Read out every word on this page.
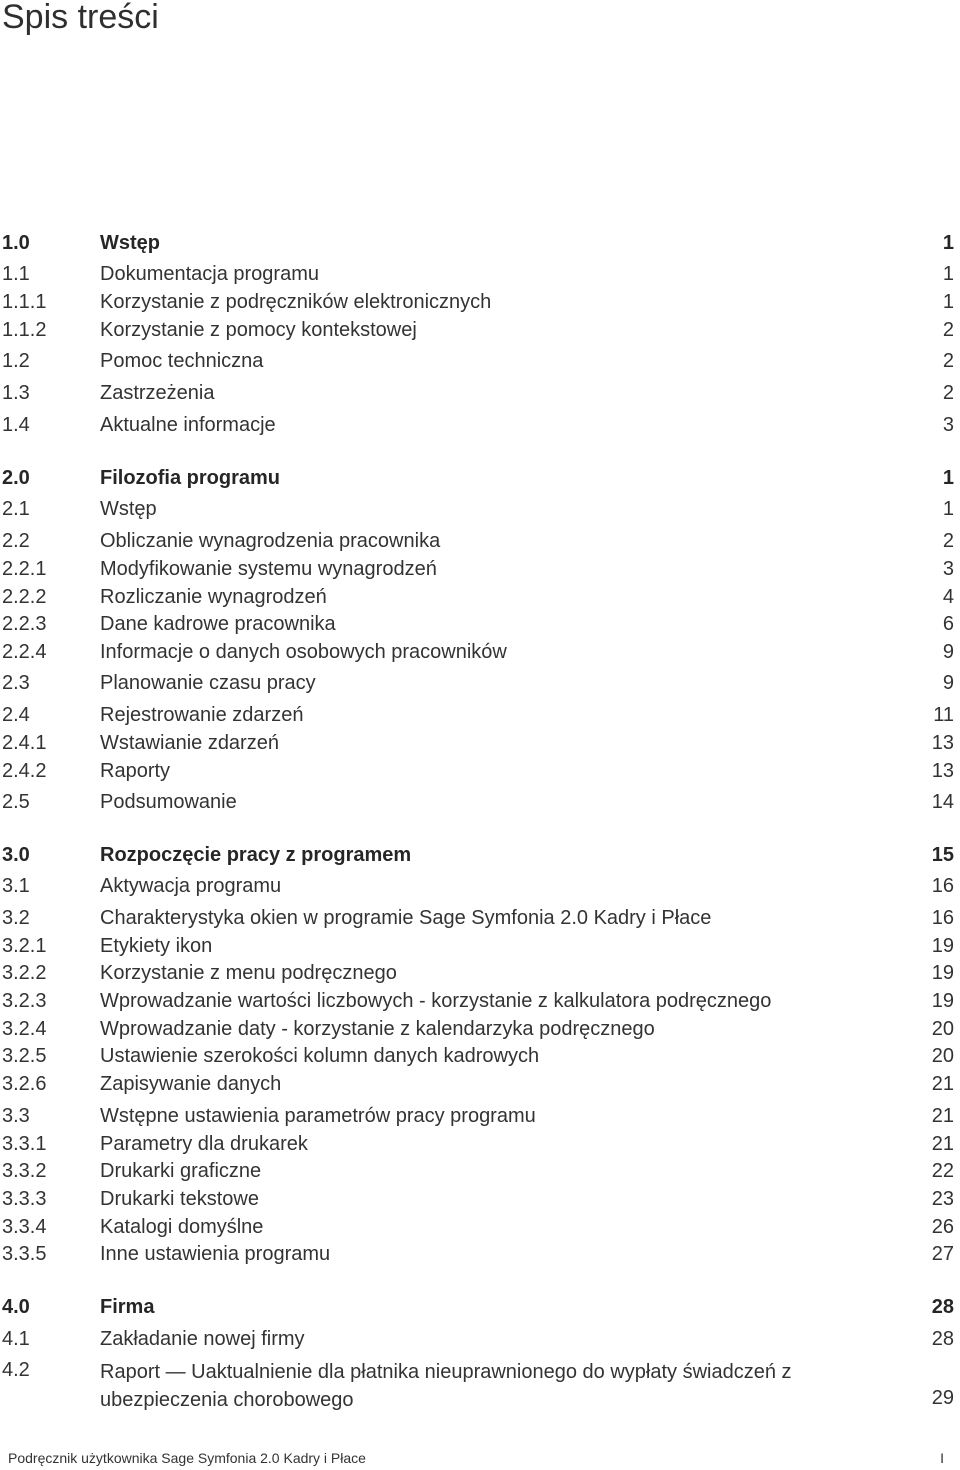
Spis treści
1.0	Wstęp	1
1.1	Dokumentacja programu	1
1.1.1	Korzystanie z podręczników elektronicznych	1
1.1.2	Korzystanie z pomocy kontekstowej	2
1.2	Pomoc techniczna	2
1.3	Zastrzeżenia	2
1.4	Aktualne informacje	3
2.0	Filozofia programu	1
2.1	Wstęp	1
2.2	Obliczanie wynagrodzenia pracownika	2
2.2.1	Modyfikowanie systemu wynagrodzeń	3
2.2.2	Rozliczanie wynagrodzeń	4
2.2.3	Dane kadrowe pracownika	6
2.2.4	Informacje o danych osobowych pracowników	9
2.3	Planowanie czasu pracy	9
2.4	Rejestrowanie zdarzeń	11
2.4.1	Wstawianie zdarzeń	13
2.4.2	Raporty	13
2.5	Podsumowanie	14
3.0	Rozpoczęcie pracy z programem	15
3.1	Aktywacja programu	16
3.2	Charakterystyka okien w programie Sage Symfonia 2.0 Kadry i Płace	16
3.2.1	Etykiety ikon	19
3.2.2	Korzystanie z menu podręcznego	19
3.2.3	Wprowadzanie wartości liczbowych - korzystanie z kalkulatora podręcznego	19
3.2.4	Wprowadzanie daty - korzystanie z kalendarzyka podręcznego	20
3.2.5	Ustawienie szerokości kolumn danych kadrowych	20
3.2.6	Zapisywanie danych	21
3.3	Wstępne ustawienia parametrów pracy programu	21
3.3.1	Parametry dla drukarek	21
3.3.2	Drukarki graficzne	22
3.3.3	Drukarki tekstowe	23
3.3.4	Katalogi domyślne	26
3.3.5	Inne ustawienia programu	27
4.0	Firma	28
4.1	Zakładanie nowej firmy	28
4.2	Raport — Uaktualnienie dla płatnika nieuprawnionego do wypłaty świadczeń z ubezpieczenia chorobowego	29
Podręcznik użytkownika Sage Symfonia 2.0 Kadry i Płace	I
